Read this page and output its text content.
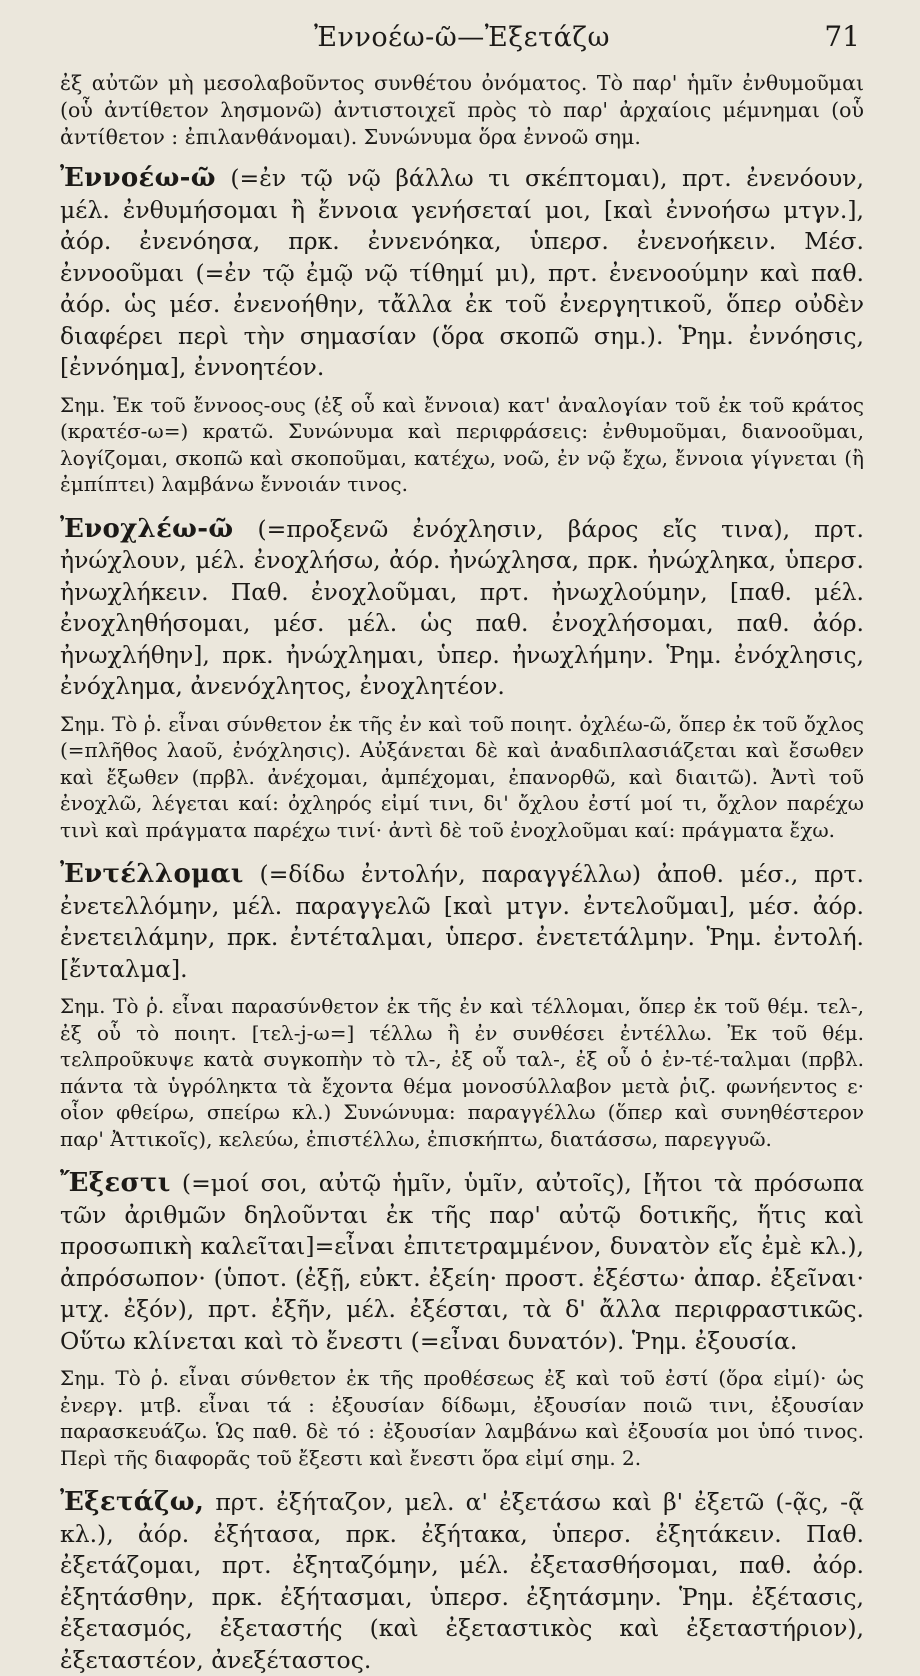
Ἐννοέω-ῶ—Ἐξετάζω	71

ἐξ αὐτῶν μὴ μεσολαβοῦντος συνθέτου ὀνόματος. Τὸ παρ' ἡμῖν ἐνθυμοῦμαι (οὗ ἀντίθετον λησμονῶ) ἀντιστοιχεῖ πρὸς τὸ παρ' ἀρχαίοις μέμνημαι (οὗ ἀντίθετον : ἐπιλανθάνομαι). Συνώνυμα ὅρα ἐννοῶ σημ.

Ἐννοέω-ῶ (=ἐν τῷ νῷ βάλλω τι σκέπτομαι), πρτ. ἐνενόουν, μέλ. ἐνθυμήσομαι ἢ ἔννοια γενήσεταί μοι, [καὶ ἐννοήσω μτγν.], ἀόρ. ἐνενόησα, πρκ. ἐννενόηκα, ὑπερσ. ἐνενοήκειν. Μέσ. ἐννοοῦμαι (=ἐν τῷ ἐμῷ νῷ τίθημί μι), πρτ. ἐνενοούμην καὶ παθ. ἀόρ. ὡς μέσ. ἐνενοήθην, τἄλλα ἐκ τοῦ ἐνεργητικοῦ, ὅπερ οὐδὲν διαφέρει περὶ τὴν σημασίαν (ὅρα σκοπῶ σημ.). Ῥημ. ἐννόησις, [ἐννόημα], ἐννοητέον.

Σημ. Ἐκ τοῦ ἔννοος-ους (ἐξ οὗ καὶ ἔννοια) κατ' ἀναλογίαν τοῦ ἐκ τοῦ κράτος (κρατέσ-ω=) κρατῶ. Συνώνυμα καὶ περιφράσεις: ἐνθυμοῦμαι, διανοοῦμαι, λογίζομαι, σκοπῶ καὶ σκοποῦμαι, κατέχω, νοῶ, ἐν νῷ ἔχω, ἔννοια γίγνεται (ἢ ἐμπίπτει) λαμβάνω ἔννοιάν τινος.

Ἐνοχλέω-ῶ (=προξενῶ ἐνόχλησιν, βάρος εἴς τινα), πρτ. ἠνώχλουν, μέλ. ἐνοχλήσω, ἀόρ. ἠνώχλησα, πρκ. ἠνώχληκα, ὑπερσ. ἠνωχλήκειν. Παθ. ἐνοχλοῦμαι, πρτ. ἠνωχλούμην, [παθ. μέλ. ἐνοχληθήσομαι, μέσ. μέλ. ὡς παθ. ἐνοχλήσομαι, παθ. ἀόρ. ἠνωχλήθην], πρκ. ἠνώχλημαι, ὑπερ. ἠνωχλήμην. Ῥημ. ἐνόχλησις, ἐνόχλημα, ἀνενόχλητος, ἐνοχλητέον.

Σημ. Τὸ ῥ. εἶναι σύνθετον ἐκ τῆς ἐν καὶ τοῦ ποιητ. ὀχλέω-ῶ, ὅπερ ἐκ τοῦ ὄχλος (=πλῆθος λαοῦ, ἐνόχλησις). Αὐξάνεται δὲ καὶ ἀναδιπλασιάζεται καὶ ἔσωθεν καὶ ἔξωθεν (πρβλ. ἀνέχομαι, ἀμπέχομαι, ἐπανορθῶ, καὶ διαιτῶ). Ἀντὶ τοῦ ἐνοχλῶ, λέγεται καί: ὀχληρός εἰμί τινι, δι' ὄχλου ἐστί μοί τι, ὄχλον παρέχω τινὶ καὶ πράγματα παρέχω τινί· ἀντὶ δὲ τοῦ ἐνοχλοῦμαι καί: πράγματα ἔχω.

Ἐντέλλομαι (=δίδω ἐντολήν, παραγγέλλω) ἀποθ. μέσ., πρτ. ἐνετελλόμην, μέλ. παραγγελῶ [καὶ μτγν. ἐντελοῦμαι], μέσ. ἀόρ. ἐνετειλάμην, πρκ. ἐντέταλμαι, ὑπερσ. ἐνετετάλμην. Ῥημ. ἐντολή. [ἔνταλμα].

Σημ. Τὸ ῥ. εἶναι παρασύνθετον ἐκ τῆς ἐν καὶ τέλλομαι, ὅπερ ἐκ τοῦ θέμ. τελ-, ἐξ οὗ τὸ ποιητ. [τελ-j-ω=] τέλλω ἢ ἐν συνθέσει ἐντέλλω. Ἐκ τοῦ θέμ. τελπροῦκυψε κατὰ συγκοπὴν τὸ τλ-, ἐξ οὗ ταλ-, ἐξ οὗ ὁ ἐν-τέ-ταλμαι (πρβλ. πάντα τὰ ὑγρόληκτα τὰ ἔχοντα θέμα μονοσύλλαβον μετὰ ῥιζ. φωνήεντος ε· οἷον φθείρω, σπείρω κλ.) Συνώνυμα: παραγγέλλω (ὅπερ καὶ συνηθέστερον παρ' Ἀττικοῖς), κελεύω, ἐπιστέλλω, ἐπισκήπτω, διατάσσω, παρεγγυῶ.

Ἔξεστι (=μοί σοι, αὐτῷ ἡμῖν, ὑμῖν, αὐτοῖς), [ἤτοι τὰ πρόσωπα τῶν ἀριθμῶν δηλοῦνται ἐκ τῆς παρ' αὐτῷ δοτικῆς, ἥτις καὶ προσωπικὴ καλεῖται]=εἶναι ἐπιτετραμμένον, δυνατὸν εἴς ἐμὲ κλ.), ἀπρόσωπον· (ὑποτ. (ἐξῇ, εὐκτ. ἐξείη· προστ. ἐξέστω· ἀπαρ. ἐξεῖναι· μτχ. ἐξόν), πρτ. ἐξῆν, μέλ. ἐξέσται, τὰ δ' ἄλλα περιφραστικῶς. Οὕτω κλίνεται καὶ τὸ ἔνεστι (=εἶναι δυνατόν). Ῥημ. ἐξουσία.

Σημ. Τὸ ῥ. εἶναι σύνθετον ἐκ τῆς προθέσεως ἐξ καὶ τοῦ ἐστί (ὅρα εἰμί)· ὡς ἐνεργ. μτβ. εἶναι τά : ἐξουσίαν δίδωμι, ἐξουσίαν ποιῶ τινι, ἐξουσίαν παρασκευάζω. Ὡς παθ. δὲ τό : ἐξουσίαν λαμβάνω καὶ ἐξουσία μοι ὑπό τινος. Περὶ τῆς διαφορᾶς τοῦ ἔξεστι καὶ ἔνεστι ὅρα εἰμί σημ. 2.

Ἐξετάζω, πρτ. ἐξήταζον, μελ. α' ἐξετάσω καὶ β' ἐξετῶ (-ᾷς, -ᾷ κλ.), ἀόρ. ἐξήτασα, πρκ. ἐξήτακα, ὑπερσ. ἐξητάκειν. Παθ. ἐξετάζομαι, πρτ. ἐξηταζόμην, μέλ. ἐξετασθήσομαι, παθ. ἀόρ. ἐξητάσθην, πρκ. ἐξήτασμαι, ὑπερσ. ἐξητάσμην. Ῥημ. ἐξέτασις, ἐξετασμός, ἐξεταστής (καὶ ἐξεταστικὸς καὶ ἐξεταστήριον), ἐξεταστέον, ἀνεξέταστος.
